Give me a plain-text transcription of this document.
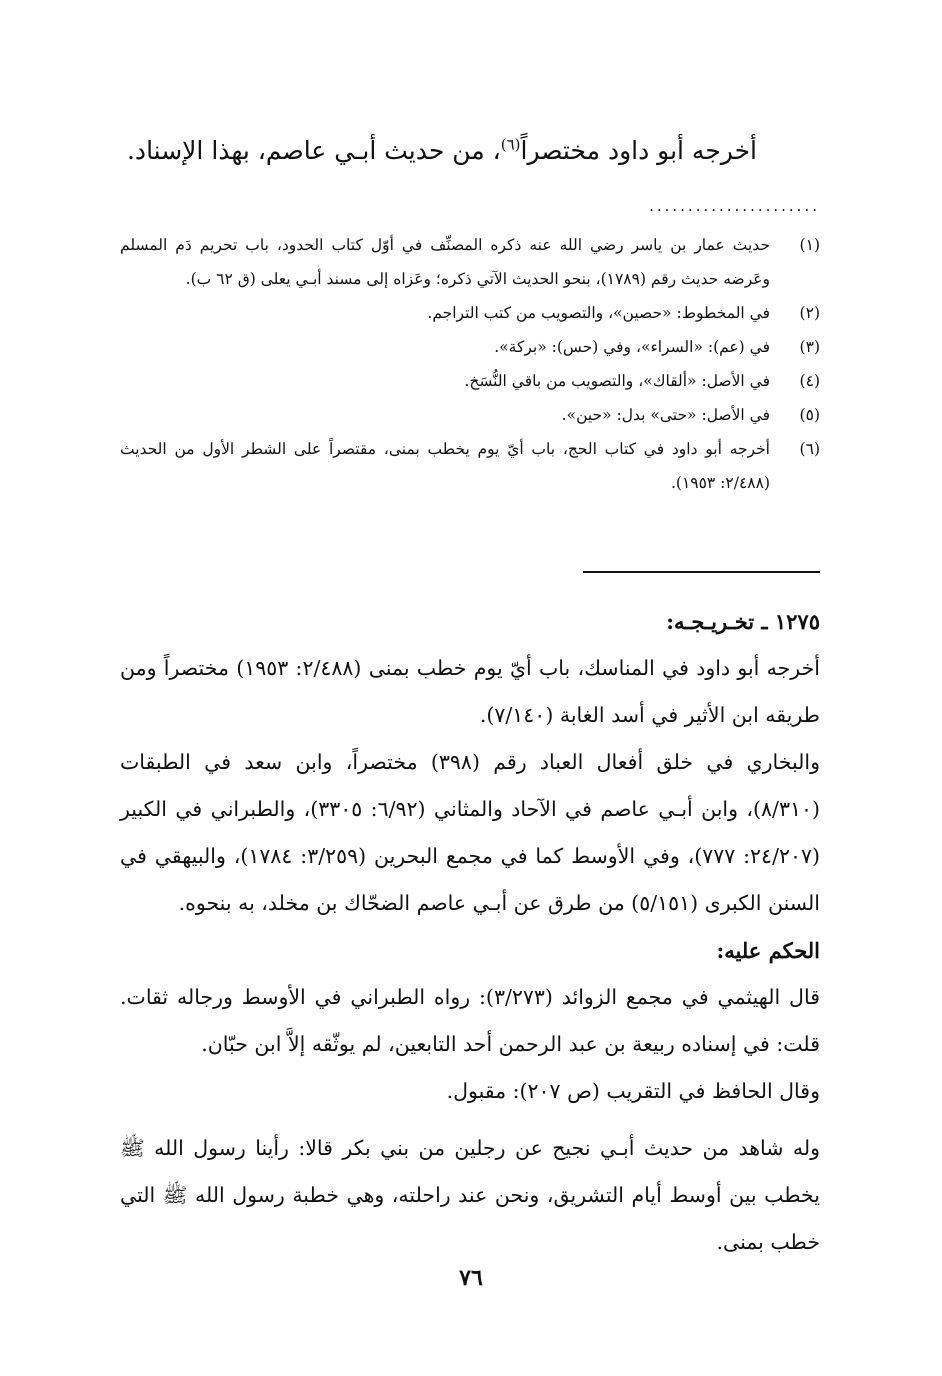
أخرجه أبو داود مختصراً$^{(٦)}$، من حديث أبـي عاصم، بهذا الإسناد.
......................

(١)
حديث عمار بن ياسر رضي الله عنه ذكره المصنِّف في أوّل كتاب الحدود، باب تحريم دَم المسلم وعَرضه حديث رقم (١٧٨٩)، بنحو الحديث الآتي ذكره؛ وعَزاه إلى مسند أبـي يعلى (ق ٦٢ ب).

(٢)
في المخطوط: «حصين»، والتصويب من كتب التراجم.

(٣)
في (عم): «السراء»، وفي (حس): «بركة».

(٤)
في الأصل: «ألقاك»، والتصويب من باقي النُّسَخ.

(٥)
في الأصل: «حتى» بدل: «حين».

(٦)
أخرجه أبو داود في كتاب الحج، باب أيّ يوم يخطب بمنى، مقتصراً على الشطر الأول من الحديث (٢/٤٨٨: ١٩٥٣).

١٢٧٥ ـ تخـريـجـه:

أخرجه أبو داود في المناسك، باب أيّ يوم خطب بمنى (٢/٤٨٨: ١٩٥٣) مختصراً ومن طريقه ابن الأثير في أسد الغابة (٧/١٤٠).

والبخاري في خلق أفعال العباد رقم (٣٩٨) مختصراً، وابن سعد في الطبقات (٨/٣١٠)، وابن أبـي عاصم في الآحاد والمثاني (٦/٩٢: ٣٣٠٥)، والطبراني في الكبير (٢٤/٢٠٧: ٧٧٧)، وفي الأوسط كما في مجمع البحرين (٣/٢٥٩: ١٧٨٤)، والبيهقي في السنن الكبرى (٥/١٥١) من طرق عن أبـي عاصم الضحّاك بن مخلد، به بنحوه.

الحكم عليه:

قال الهيثمي في مجمع الزوائد (٣/٢٧٣): رواه الطبراني في الأوسط ورجاله ثقات. قلت: في إسناده ربيعة بن عبد الرحمن أحد التابعين، لم يوثّقه إلاَّ ابن حبّان.

وقال الحافظ في التقريب (ص ٢٠٧): مقبول.

وله شاهد من حديث أبـي نجيح عن رجلين من بني بكر قالا: رأينا رسول الله ﷺ يخطب بين أوسط أيام التشريق، ونحن عند راحلته، وهي خطبة رسول الله ﷺ التي خطب بمنى.

٧٦
